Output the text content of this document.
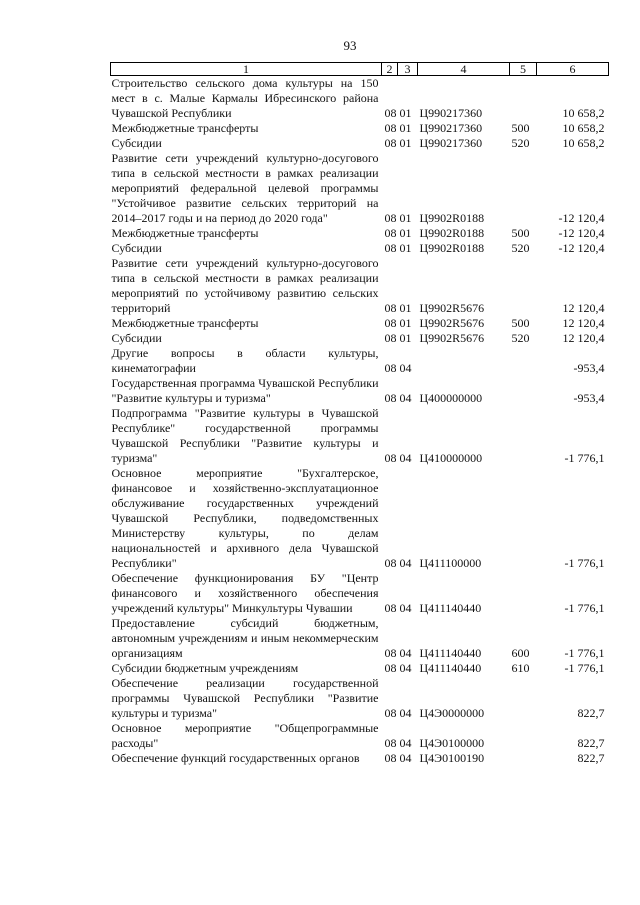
93
1	2	3	4	5	6
Строительство сельского дома культуры на 150 мест в с. Малые Кармалы Ибресинского района Чувашской Республики	08	01	Ц990217360		10 658,2
Межбюджетные трансферты	08	01	Ц990217360	500	10 658,2
Субсидии	08	01	Ц990217360	520	10 658,2
Развитие сети учреждений культурно-досугового типа в сельской местности в рамках реализации мероприятий федеральной целевой программы "Устойчивое развитие сельских территорий на 2014–2017 годы и на период до 2020 года"	08	01	Ц9902R0188		-12 120,4
Межбюджетные трансферты	08	01	Ц9902R0188	500	-12 120,4
Субсидии	08	01	Ц9902R0188	520	-12 120,4
Развитие сети учреждений культурно-досугового типа в сельской местности в рамках реализации мероприятий по устойчивому развитию сельских территорий	08	01	Ц9902R5676		12 120,4
Межбюджетные трансферты	08	01	Ц9902R5676	500	12 120,4
Субсидии	08	01	Ц9902R5676	520	12 120,4
Другие вопросы в области культуры, кинематографии	08	04			-953,4
Государственная программа Чувашской Республики "Развитие культуры и туризма"	08	04	Ц400000000		-953,4
Подпрограмма "Развитие культуры в Чувашской Республике" государственной программы Чувашской Республики "Развитие культуры и туризма"	08	04	Ц410000000		-1 776,1
Основное мероприятие "Бухгалтерское, финансовое и хозяйственно-эксплуатационное обслуживание государственных учреждений Чувашской Республики, подведомственных Министерству культуры, по делам национальностей и архивного дела Чувашской Республики"	08	04	Ц411100000		-1 776,1
Обеспечение функционирования БУ "Центр финансового и хозяйственного обеспечения учреждений культуры" Минкультуры Чувашии	08	04	Ц411140440		-1 776,1
Предоставление субсидий бюджетным, автономным учреждениям и иным некоммерческим организациям	08	04	Ц411140440	600	-1 776,1
Субсидии бюджетным учреждениям	08	04	Ц411140440	610	-1 776,1
Обеспечение реализации государственной программы Чувашской Республики "Развитие культуры и туризма"	08	04	Ц4Э0000000		822,7
Основное мероприятие "Общепрограммные расходы"	08	04	Ц4Э0100000		822,7
Обеспечение функций государственных органов	08	04	Ц4Э0100190		822,7
